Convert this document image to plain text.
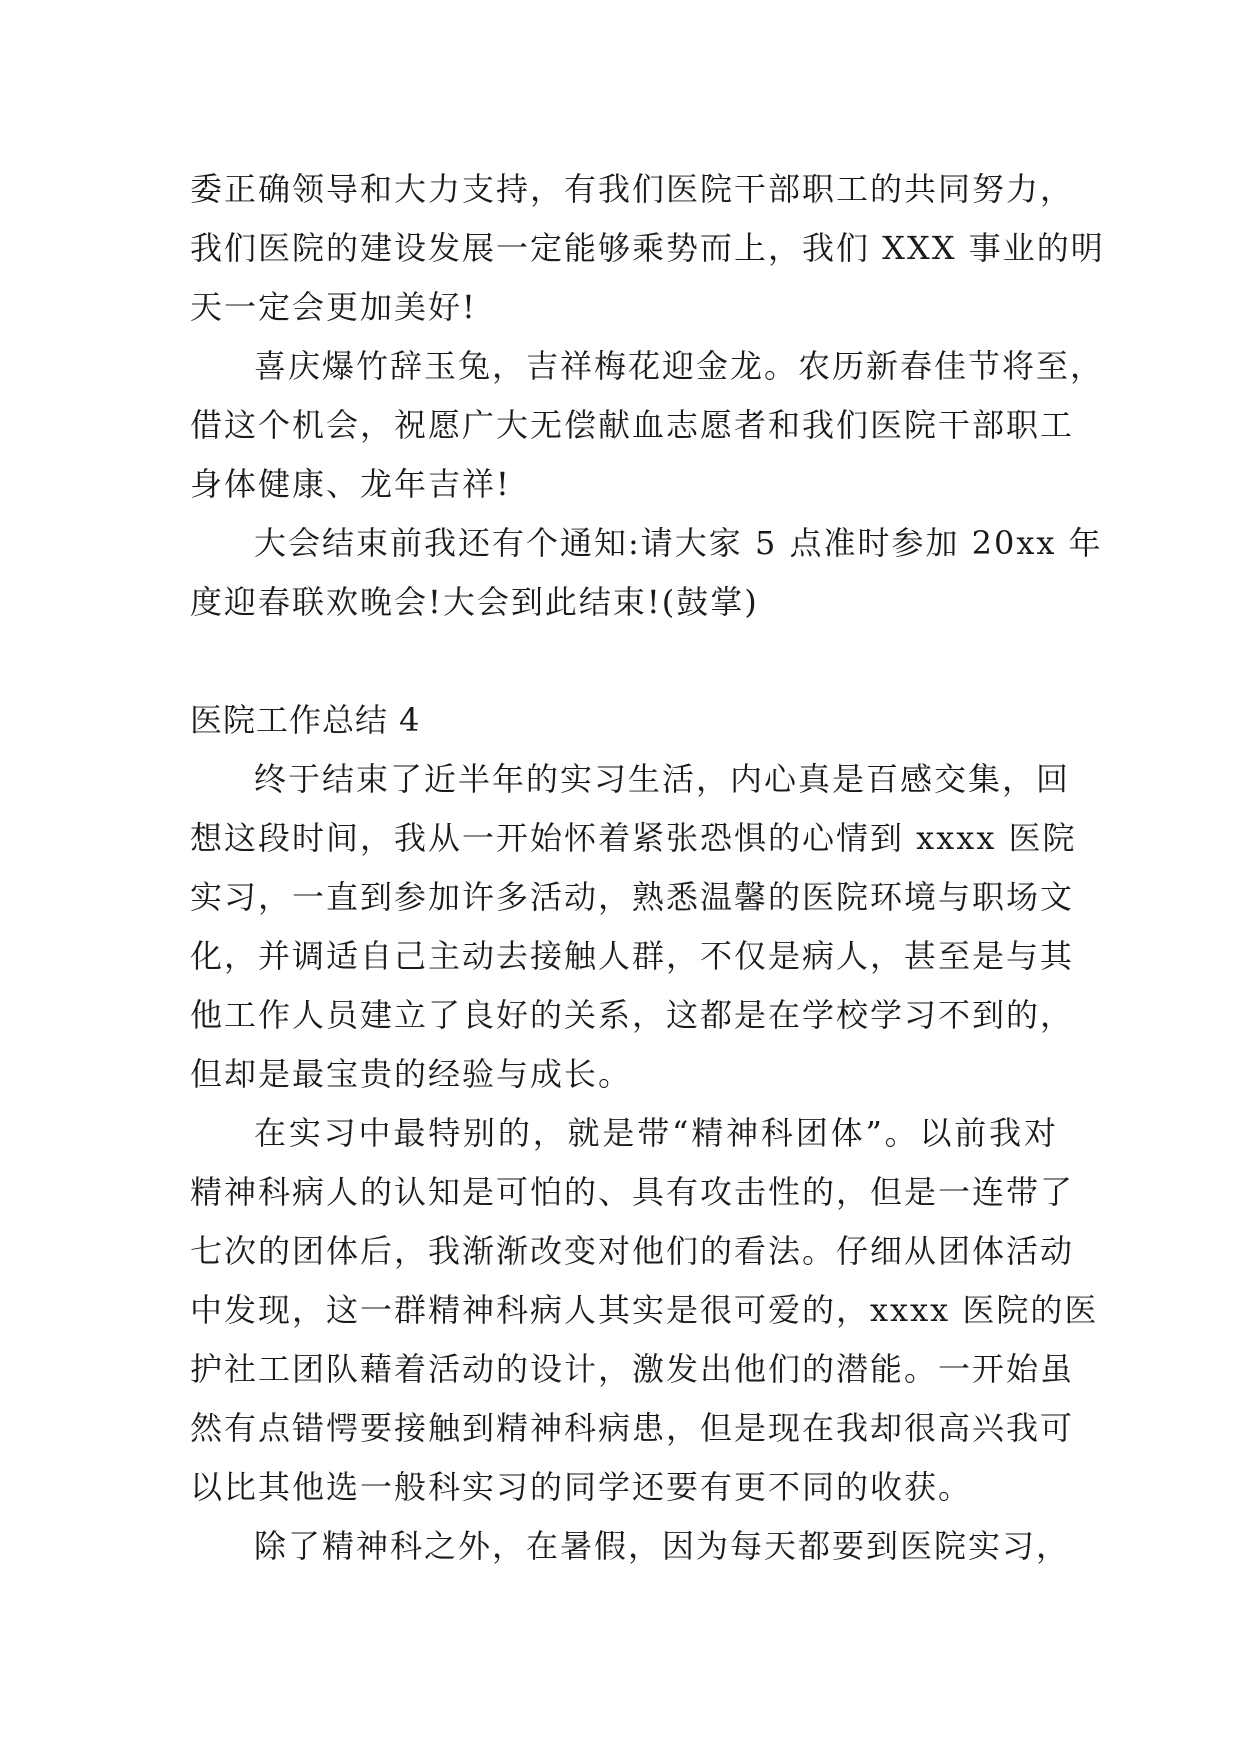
委正确领导和大力支持，有我们医院干部职工的共同努力，
我们医院的建设发展一定能够乘势而上，我们 XXX 事业的明
天一定会更加美好!
喜庆爆竹辞玉兔，吉祥梅花迎金龙。农历新春佳节将至，
借这个机会，祝愿广大无偿献血志愿者和我们医院干部职工
身体健康、龙年吉祥!
大会结束前我还有个通知:请大家 5 点准时参加 20xx 年
度迎春联欢晚会!大会到此结束!(鼓掌)
医院工作总结 4
终于结束了近半年的实习生活，内心真是百感交集，回
想这段时间，我从一开始怀着紧张恐惧的心情到 xxxx 医院
实习，一直到参加许多活动，熟悉温馨的医院环境与职场文
化，并调适自己主动去接触人群，不仅是病人，甚至是与其
他工作人员建立了良好的关系，这都是在学校学习不到的，
但却是最宝贵的经验与成长。
在实习中最特别的，就是带“精神科团体”。以前我对
精神科病人的认知是可怕的、具有攻击性的，但是一连带了
七次的团体后，我渐渐改变对他们的看法。仔细从团体活动
中发现，这一群精神科病人其实是很可爱的，xxxx 医院的医
护社工团队藉着活动的设计，激发出他们的潜能。一开始虽
然有点错愕要接触到精神科病患，但是现在我却很高兴我可
以比其他选一般科实习的同学还要有更不同的收获。
除了精神科之外，在暑假，因为每天都要到医院实习，
